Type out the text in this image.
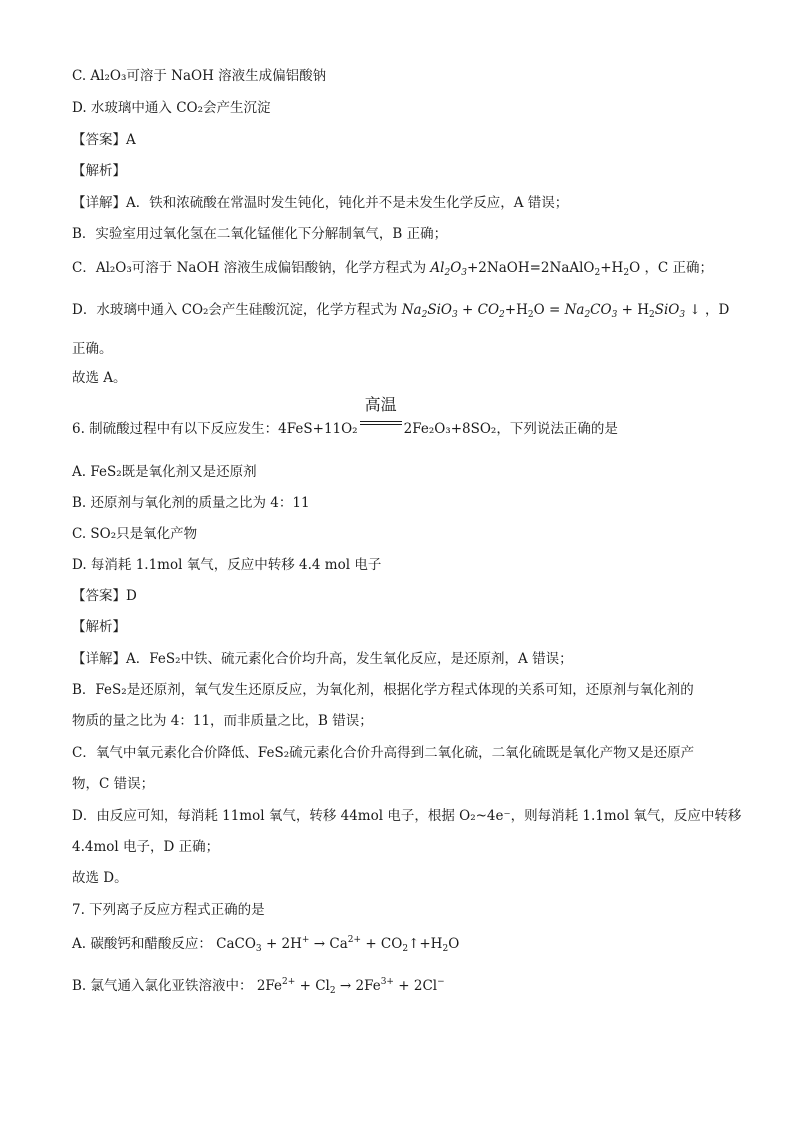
C. Al₂O₃可溶于 NaOH 溶液生成偏铝酸钠
D. 水玻璃中通入 CO₂会产生沉淀
【答案】A
【解析】
【详解】A．铁和浓硫酸在常温时发生钝化，钝化并不是未发生化学反应，A 错误；
B．实验室用过氧化氢在二氧化锰催化下分解制氧气，B 正确；
C．Al₂O₃可溶于 NaOH 溶液生成偏铝酸钠，化学方程式为 $Al_2O_3+2NaOH=2NaAlO_2+H_2O$ ，C 正确；
D．水玻璃中通入 CO₂会产生硅酸沉淀，化学方程式为 $Na_2SiO_3 + CO_2+H_2O = Na_2CO_3 + H_2SiO_3$ ↓ ，D
正确。
故选 A。
6. 制硫酸过程中有以下反应发生：4FeS+11O₂
高温
2Fe₂O₃+8SO₂，下列说法正确的是
A. FeS₂既是氧化剂又是还原剂
B. 还原剂与氧化剂的质量之比为 4：11
C. SO₂只是氧化产物
D. 每消耗 1.1mol 氧气，反应中转移 4.4 mol 电子
【答案】D
【解析】
【详解】A．FeS₂中铁、硫元素化合价均升高，发生氧化反应，是还原剂，A 错误；
B．FeS₂是还原剂，氧气发生还原反应，为氧化剂，根据化学方程式体现的关系可知，还原剂与氧化剂的
物质的量之比为 4：11，而非质量之比，B 错误；
C．氧气中氧元素化合价降低、FeS₂硫元素化合价升高得到二氧化硫，二氧化硫既是氧化产物又是还原产
物，C 错误；
D．由反应可知，每消耗 11mol 氧气，转移 44mol 电子，根据 O₂~4e⁻，则每消耗 1.1mol 氧气，反应中转移
4.4mol 电子，D 正确；
故选 D。
7. 下列离子反应方程式正确的是
A. 碳酸钙和醋酸反应： CaCO$_3$ + $2H^+ \to Ca^{2+}$ + $CO_2↑+H_2O$
B. 氯气通入氯化亚铁溶液中： $2Fe^{2+} + Cl_2 \to 2Fe^{3+} + 2Cl^-$
